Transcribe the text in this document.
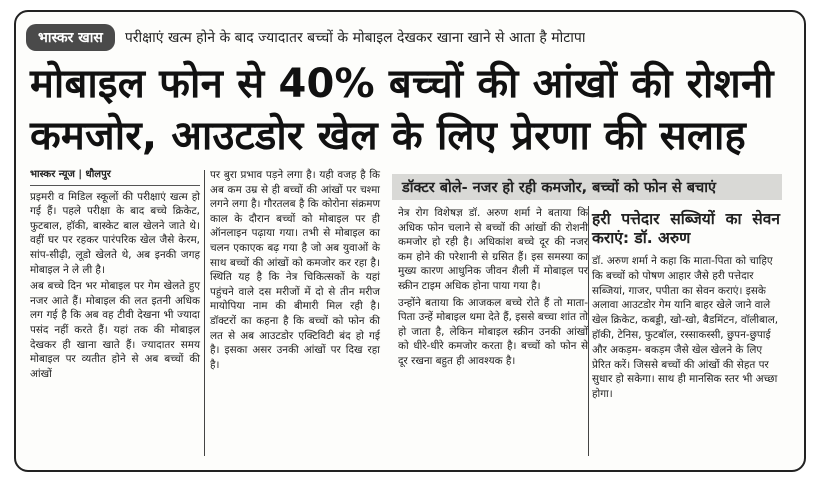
भास्कर खास	परीक्षाएं खत्म होने के बाद ज्यादातर बच्चों के मोबाइल देखकर खाना खाने से आता है मोटापा
मोबाइल फोन से 40% बच्चों की आंखों की रोशनी
कमजोर, आउटडोर खेल के लिए प्रेरणा की सलाह
भास्कर न्यूज | धौलपुर

प्रइमरी व मिडिल स्कूलों की परीक्षाएं खत्म हो गई हैं। पहले परीक्षा के बाद बच्चे क्रिकेट, फुटबाल, हॉकी, बास्केट बाल खेलने जाते थे। वहीं घर पर रहकर पारंपरिक खेल जैसे केरम, सांप-सीढ़ी, लूडो खेलते थे, अब इनकी जगह मोबाइल ने ले ली है।

अब बच्चे दिन भर मोबाइल पर गेम खेलते हुए नजर आते हैं। मोबाइल की लत इतनी अधिक लग गई है कि अब वह टीवी देखना भी ज्यादा पसंद नहीं करते हैं। यहां तक की मोबाइल देखकर ही खाना खाते हैं। ज्यादातर समय मोबाइल पर व्यतीत होने से अब बच्चों की आंखों

पर बुरा प्रभाव पड़ने लगा है। यही वजह है कि अब कम उम्र से ही बच्चों की आंखों पर चश्मा लगने लगा है। गौरतलब है कि कोरोना संक्रमण काल के दौरान बच्चों को मोबाइल पर ही ऑनलाइन पढ़ाया गया। तभी से मोबाइल का चलन एकाएक बढ़ गया है जो अब युवाओं के साथ बच्चों की आंखों को कमजोर कर रहा है। स्थिति यह है कि नेत्र चिकित्सकों के यहां पहुंचने वाले दस मरीजों में दो से तीन मरीज मायोपिया नाम की बीमारी मिल रही है। डॉक्टरों का कहना है कि बच्चों को फोन की लत से अब आउटडोर एक्टिविटी बंद हो गई है। इसका असर उनकी आंखों पर दिख रहा है।

डॉक्टर बोले- नजर हो रही कमजोर, बच्चों को फोन से बचाएं

नेत्र रोग विशेषज्ञ डॉ. अरुण शर्मा ने बताया कि अधिक फोन चलाने से बच्चों की आंखों की रोशनी कमजोर हो रही है। अधिकांश बच्चे दूर की नजर कम होने की परेशानी से ग्रसित हैं। इस समस्या का मुख्य कारण आधुनिक जीवन शैली में मोबाइल पर स्क्रीन टाइम अधिक होना पाया गया है।

उन्होंने बताया कि आजकल बच्चे रोते हैं तो माता-पिता उन्हें मोबाइल थमा देते हैं, इससे बच्चा शांत तो हो जाता है, लेकिन मोबाइल स्क्रीन उनकी आंखों को धीरे-धीरे कमजोर करता है। बच्चों को फोन से दूर रखना बहुत ही आवश्यक है।

हरी पत्तेदार सब्जियों का सेवन कराएं: डॉ. अरुण
डॉ. अरुण शर्मा ने कहा कि माता-पिता को चाहिए कि बच्चों को पोषण आहार जैसे हरी पत्तेदार सब्जियां, गाजर, पपीता का सेवन कराएं। इसके अलावा आउटडोर गेम यानि बाहर खेले जाने वाले खेल क्रिकेट, कबड्डी, खो-खो, बैडमिंटन, वॉलीबाल, हॉकी, टेनिस, फुटबॉल, रस्साकस्सी, छुपन-छुपाई और अकड़म- बकड़म जैसे खेल खेलने के लिए प्रेरित करें। जिससे बच्चों की आंखों की सेहत पर सुधार हो सकेगा। साथ ही मानसिक स्तर भी अच्छा होगा।
